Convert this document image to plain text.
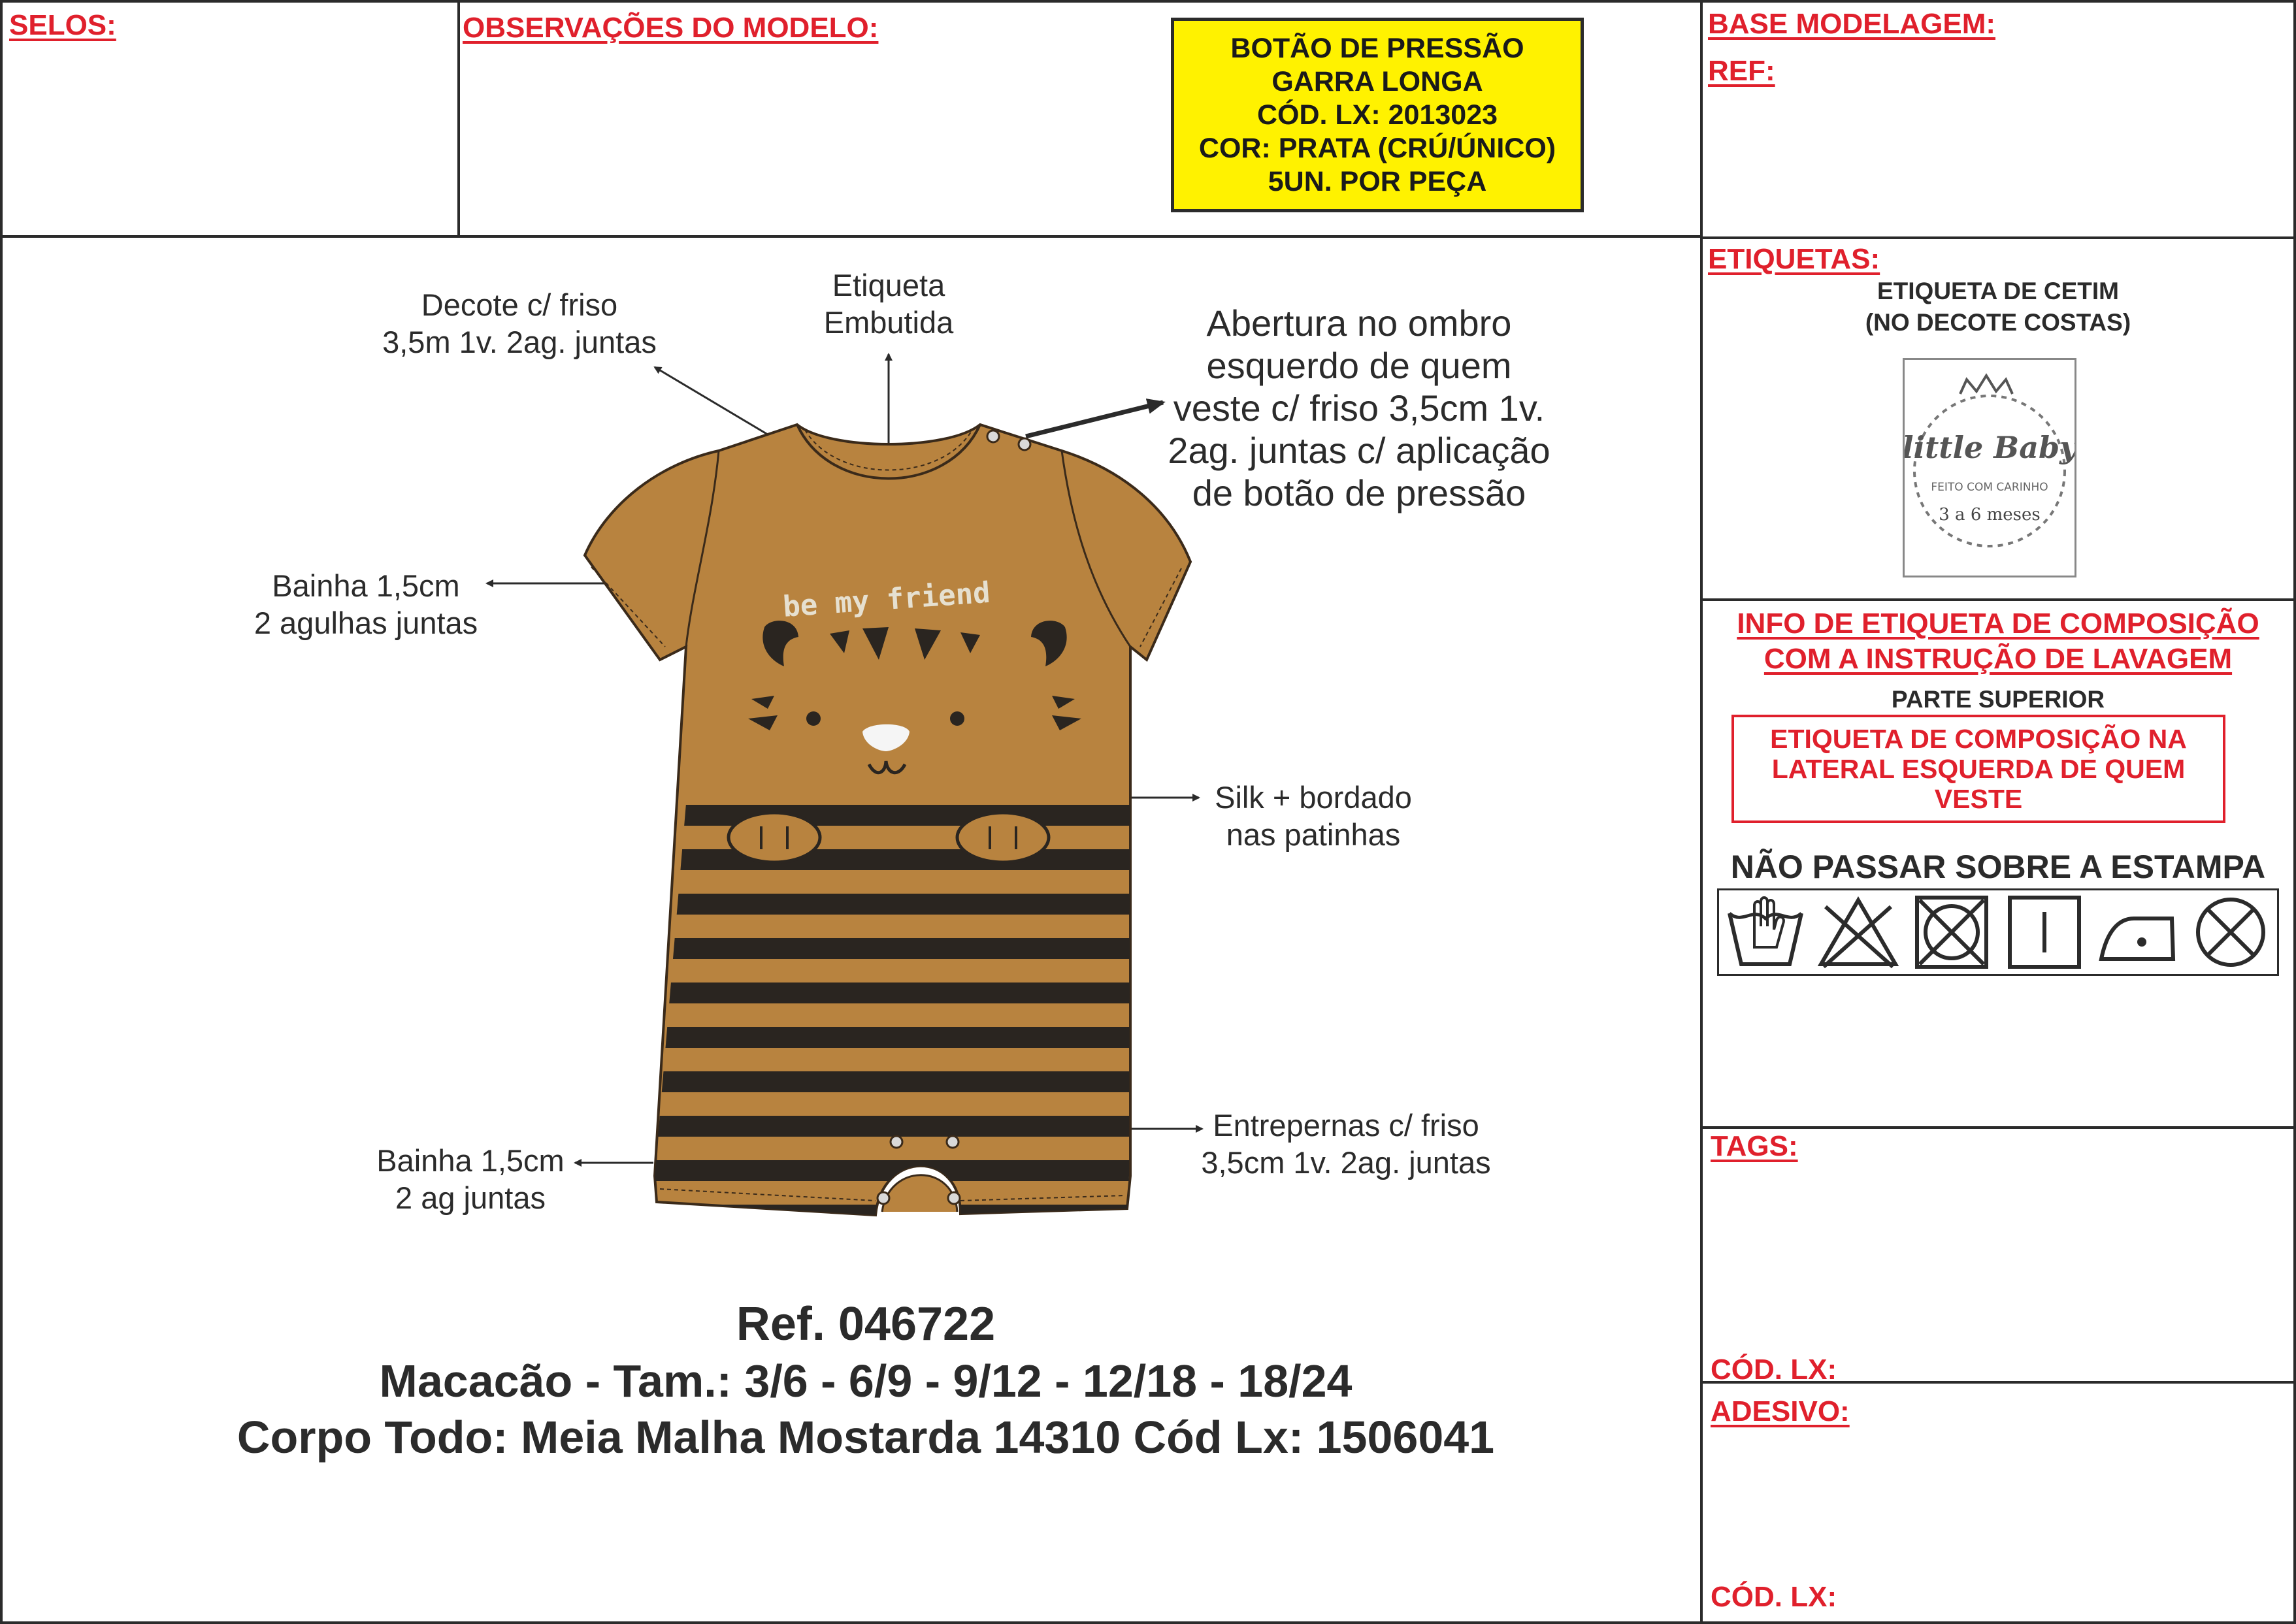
SELOS:	OBSERVAÇÕES DO MODELO:	BASE MODELAGEM:
REF:
ETIQUETAS:
TAGS:
CÓD. LX:
ADESIVO:
CÓD. LX:
BOTÃO DE PRESSÃO
GARRA LONGA
CÓD. LX: 2013023
COR: PRATA (CRÚ/ÚNICO)
5UN. POR PEÇA
Decote c/ friso
3,5m 1v. 2ag. juntas
Etiqueta
Embutida	Abertura no ombro
esquerdo de quem
veste c/ friso 3,5cm 1v.
2ag. juntas c/ aplicação
de botão de pressão
Bainha 1,5cm
2 agulhas juntas
Silk + bordado
nas patinhas
Entrepernas c/ friso
3,5cm 1v. 2ag. juntas
Bainha 1,5cm
2 ag juntas
be my friend
Ref. 046722
Macacão - Tam.: 3/6 - 6/9 - 9/12 - 12/18 - 18/24
Corpo Todo: Meia Malha Mostarda 14310 Cód Lx: 1506041
ETIQUETA DE CETIM
(NO DECOTE COSTAS)
little Baby
FEITO COM CARINHO
3 a 6 meses
INFO DE ETIQUETA DE COMPOSIÇÃO
COM A INSTRUÇÃO DE LAVAGEM
PARTE SUPERIOR
ETIQUETA DE COMPOSIÇÃO NA
LATERAL ESQUERDA DE QUEM
VESTE
NÃO PASSAR SOBRE A ESTAMPA
